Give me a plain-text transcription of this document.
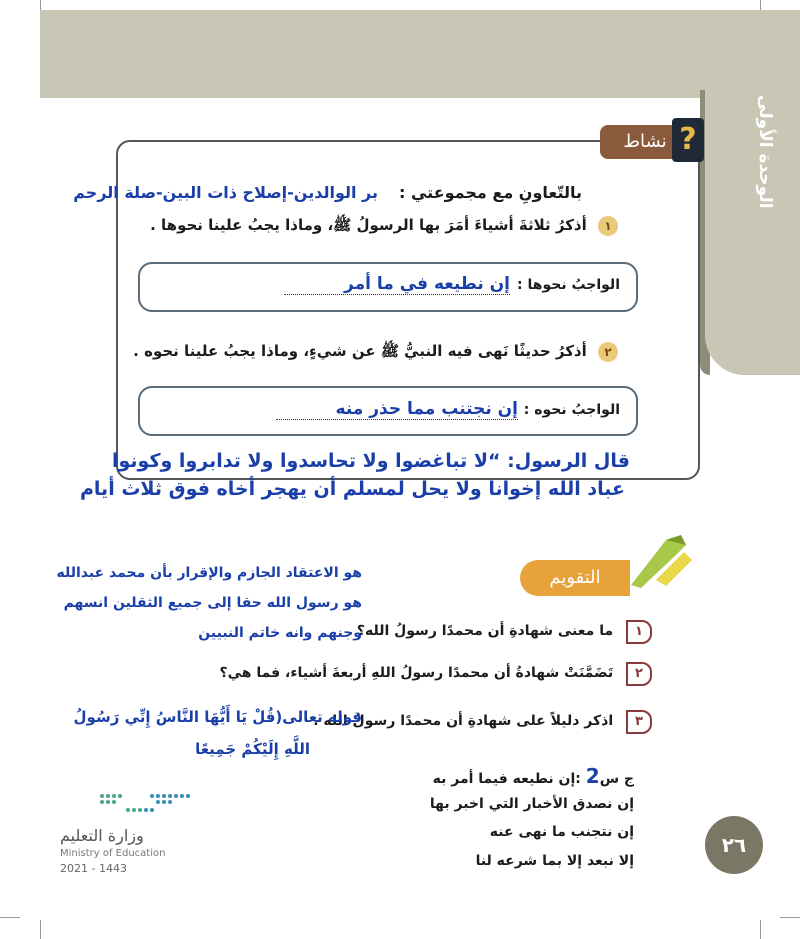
الوحدة الأولى
نشاط ?
بالتّعاونِ مع مجموعتي :
بر الوالدين-إصلاح ذات البين-صلة الرحم
١ أذكرُ ثلاثةَ أشياءَ أمَرَ بها الرسولُ ﷺ، وماذا يجبُ علينا نحوها .
الواجبُ نحوها :
إن نطيعه في ما أمر
٢ أذكرُ حديثًا نَهى فيه النبيُّ ﷺ عن شيءٍ، وماذا يجبُ علينا نحوه .
الواجبُ نحوه :
إن نجتنب مما حذر منه
قال الرسول: “لا تباغضوا ولا تحاسدوا ولا تدابروا وكونوا
عباد الله إخوانا ولا يحل لمسلم أن يهجر أخاه فوق ثلاث أيام
التقويم
هو الاعتقاد الجازم والإقرار بأن محمد عبدالله
هو رسول الله حقا إلى جميع الثقلين انسهم
وجنهم وانه خاتم النبيين	١ ما معنى شهادةِ أن محمدًا رسولُ الله؟
٢ تَضَمَّنَتْ شهادةُ أن محمدًا رسولُ اللهِ أربعةَ أشياء، فما هي؟
٣ اذكر دليلاً على شهادةِ أن محمدًا رسولُ الله .
قوله تعالى(قُلْ يَا أَيُّهَا النَّاسُ إِنِّي رَسُولُ
اللَّهِ إِلَيْكُمْ جَمِيعًا
ج س2 :إن نطيعه فيما أمر به
إن نصدق الأخبار التي اخبر بها
إن نتجنب ما نهى عنه
إلا نبعد إلا بما شرعه لنا
٢٦
وزارة التعليم
Ministry of Education
2021 - 1443
